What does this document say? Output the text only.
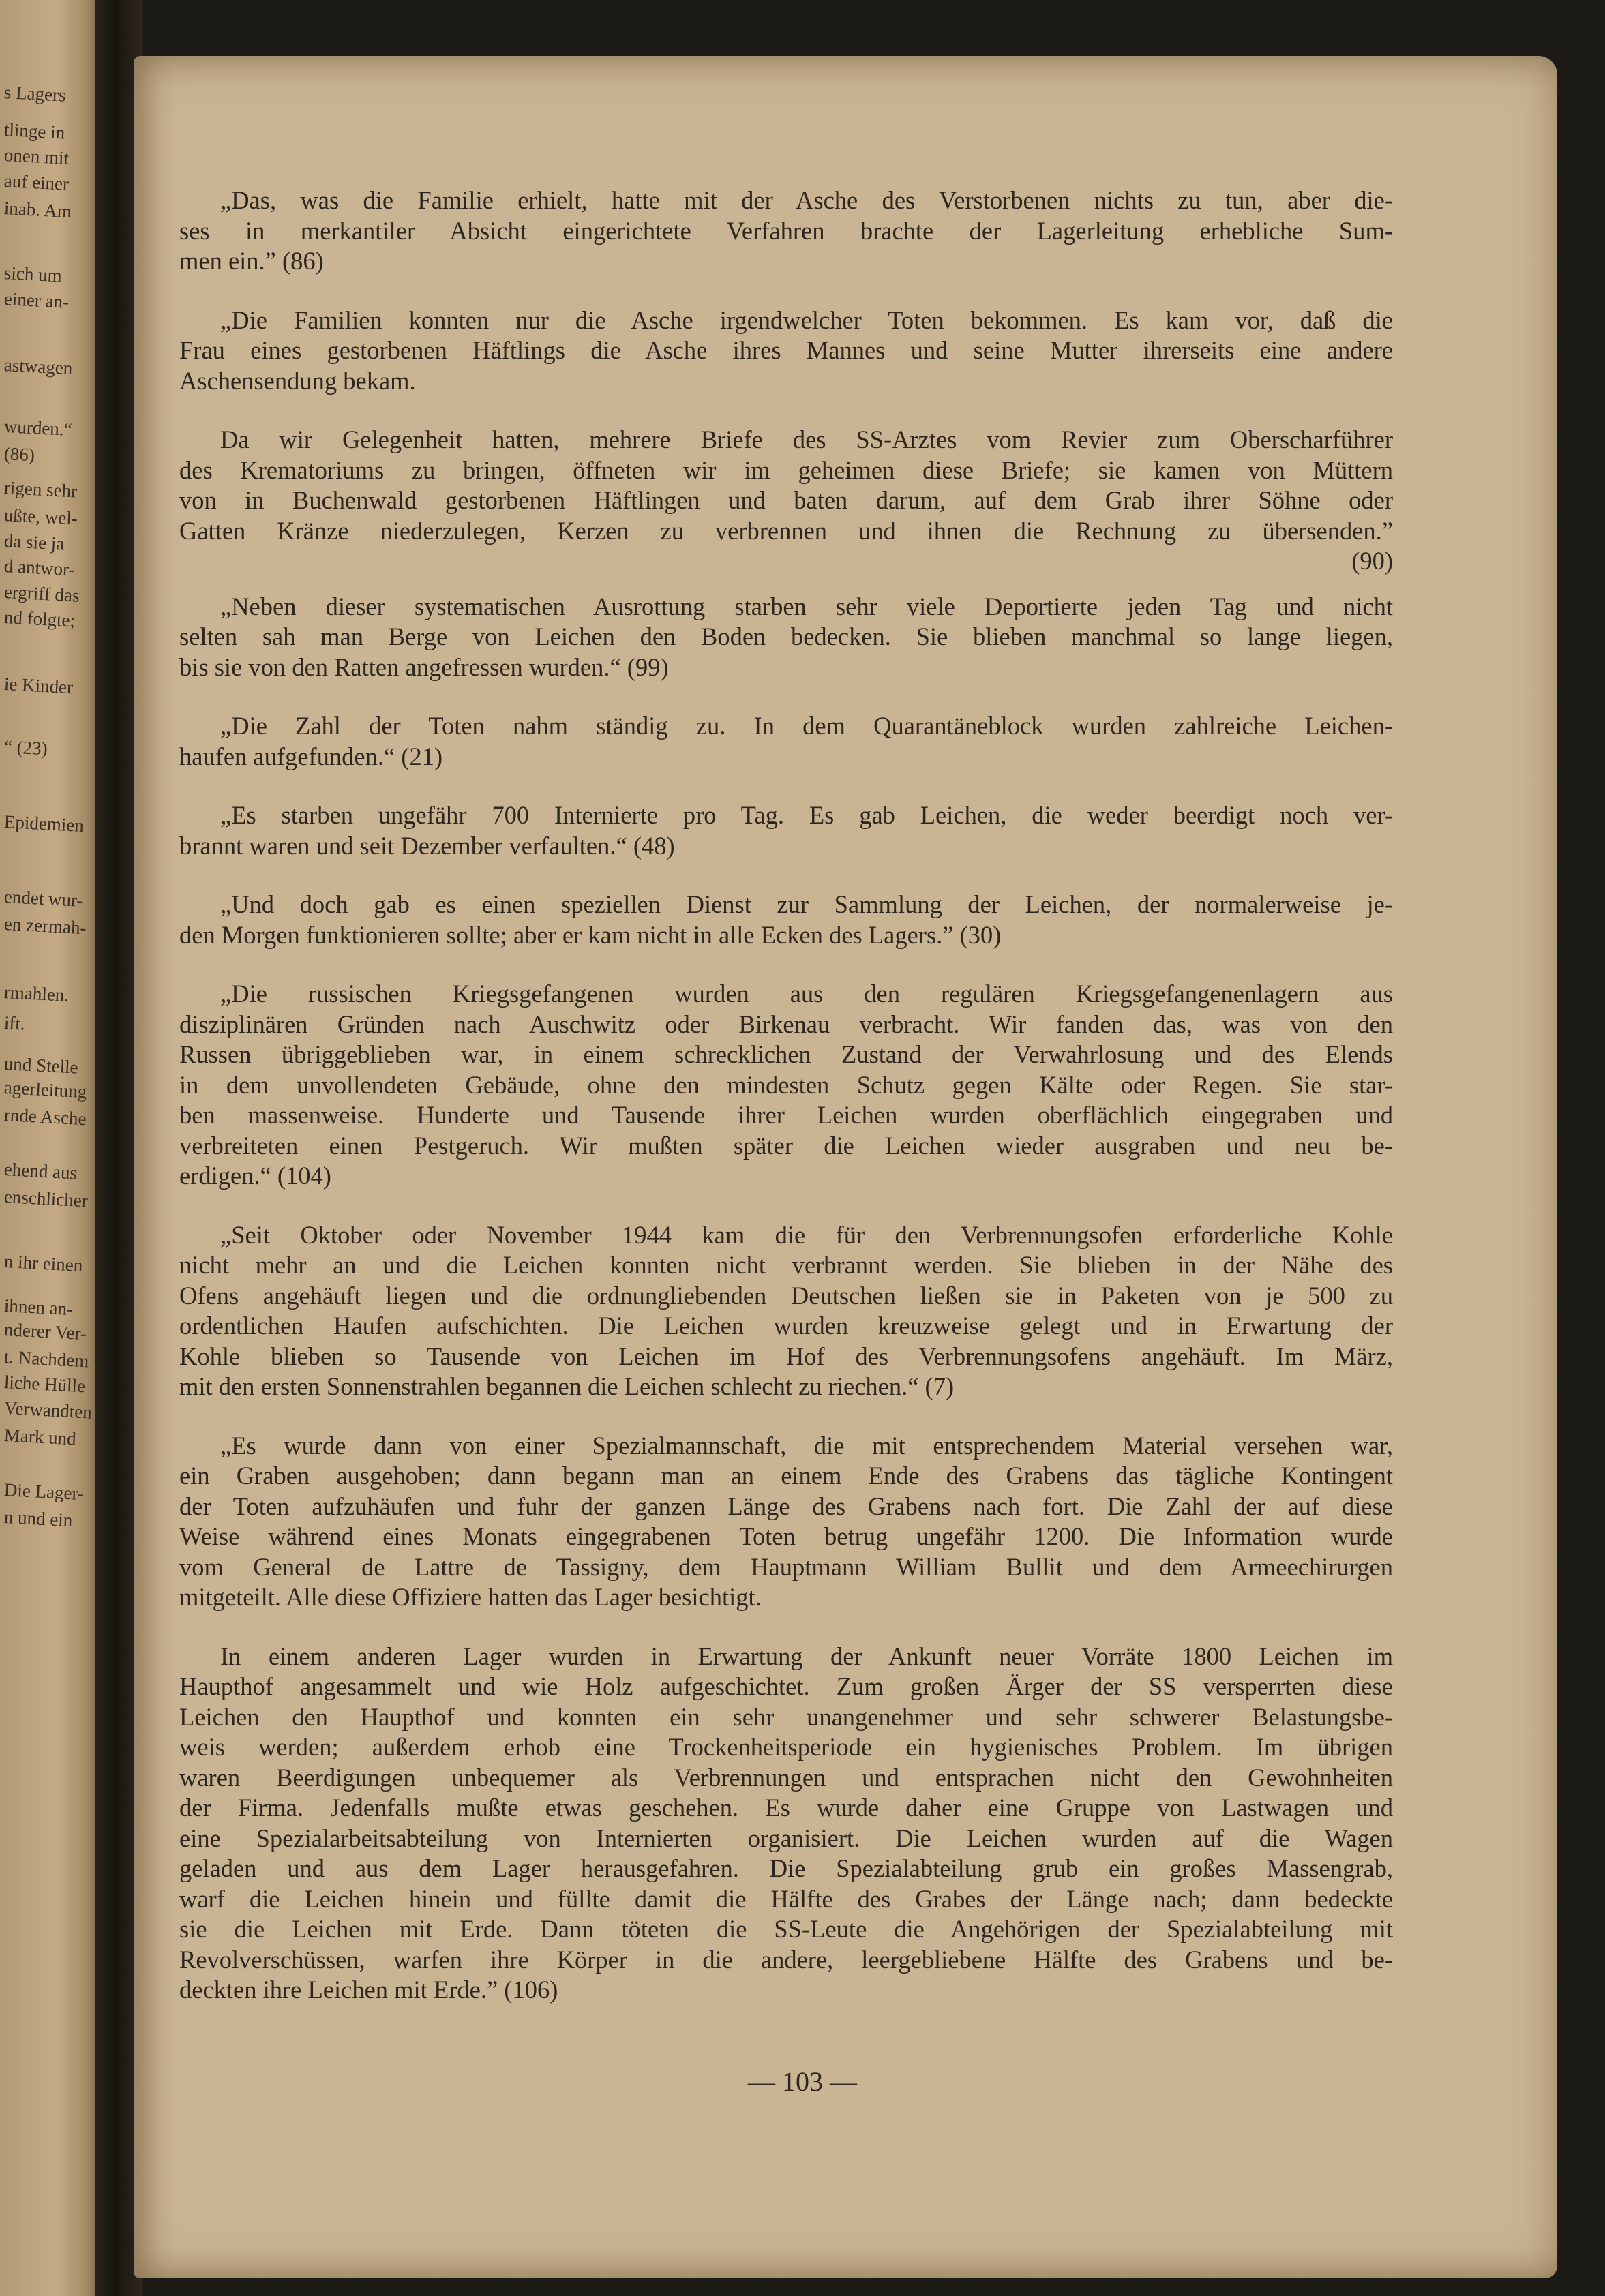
s Lagers
tlinge in
onen mit
auf einer
inab. Am
sich um
einer an-
astwagen
wurden.“
(86)
rigen sehr
ußte, wel-
da sie ja
d antwor-
ergriff das
nd folgte;
ie Kinder
“ (23)
Epidemien
endet wur-
en zermah-
rmahlen.
ift.
und Stelle
agerleitung
rnde Asche
ehend aus
enschlicher
n ihr einen
ihnen an-
nderer Ver-
t. Nachdem
liche Hülle
Verwandten
Mark und
Die Lager-
n und ein

„Das, was die Familie erhielt, hatte mit der Asche des Verstorbenen nichts zu tun, aber die-
ses in merkantiler Absicht eingerichtete Verfahren brachte der Lagerleitung erhebliche Sum-
men ein.” (86)

„Die Familien konnten nur die Asche irgendwelcher Toten bekommen. Es kam vor, daß die
Frau eines gestorbenen Häftlings die Asche ihres Mannes und seine Mutter ihrerseits eine andere
Aschensendung bekam.

Da wir Gelegenheit hatten, mehrere Briefe des SS-Arztes vom Revier zum Oberscharführer
des Krematoriums zu bringen, öffneten wir im geheimen diese Briefe; sie kamen von Müttern
von in Buchenwald gestorbenen Häftlingen und baten darum, auf dem Grab ihrer Söhne oder
Gatten Kränze niederzulegen, Kerzen zu verbrennen und ihnen die Rechnung zu übersenden.”
(90)

„Neben dieser systematischen Ausrottung starben sehr viele Deportierte jeden Tag und nicht
selten sah man Berge von Leichen den Boden bedecken. Sie blieben manchmal so lange liegen,
bis sie von den Ratten angefressen wurden.“ (99)

„Die Zahl der Toten nahm ständig zu. In dem Quarantäneblock wurden zahlreiche Leichen-
haufen aufgefunden.“ (21)

„Es starben ungefähr 700 Internierte pro Tag. Es gab Leichen, die weder beerdigt noch ver-
brannt waren und seit Dezember verfaulten.“ (48)

„Und doch gab es einen speziellen Dienst zur Sammlung der Leichen, der normalerweise je-
den Morgen funktionieren sollte; aber er kam nicht in alle Ecken des Lagers.” (30)

„Die russischen Kriegsgefangenen wurden aus den regulären Kriegsgefangenenlagern aus
disziplinären Gründen nach Auschwitz oder Birkenau verbracht. Wir fanden das, was von den
Russen übriggeblieben war, in einem schrecklichen Zustand der Verwahrlosung und des Elends
in dem unvollendeten Gebäude, ohne den mindesten Schutz gegen Kälte oder Regen. Sie star-
ben massenweise. Hunderte und Tausende ihrer Leichen wurden oberflächlich eingegraben und
verbreiteten einen Pestgeruch. Wir mußten später die Leichen wieder ausgraben und neu be-
erdigen.“ (104)

„Seit Oktober oder November 1944 kam die für den Verbrennungsofen erforderliche Kohle
nicht mehr an und die Leichen konnten nicht verbrannt werden. Sie blieben in der Nähe des
Ofens angehäuft liegen und die ordnungliebenden Deutschen ließen sie in Paketen von je 500 zu
ordentlichen Haufen aufschichten. Die Leichen wurden kreuzweise gelegt und in Erwartung der
Kohle blieben so Tausende von Leichen im Hof des Verbrennungsofens angehäuft. Im März,
mit den ersten Sonnenstrahlen begannen die Leichen schlecht zu riechen.“ (7)

„Es wurde dann von einer Spezialmannschaft, die mit entsprechendem Material versehen war,
ein Graben ausgehoben; dann begann man an einem Ende des Grabens das tägliche Kontingent
der Toten aufzuhäufen und fuhr der ganzen Länge des Grabens nach fort. Die Zahl der auf diese
Weise während eines Monats eingegrabenen Toten betrug ungefähr 1200. Die Information wurde
vom General de Lattre de Tassigny, dem Hauptmann William Bullit und dem Armeechirurgen
mitgeteilt. Alle diese Offiziere hatten das Lager besichtigt.

In einem anderen Lager wurden in Erwartung der Ankunft neuer Vorräte 1800 Leichen im
Haupthof angesammelt und wie Holz aufgeschichtet. Zum großen Ärger der SS versperrten diese
Leichen den Haupthof und konnten ein sehr unangenehmer und sehr schwerer Belastungsbe-
weis werden; außerdem erhob eine Trockenheitsperiode ein hygienisches Problem. Im übrigen
waren Beerdigungen unbequemer als Verbrennungen und entsprachen nicht den Gewohnheiten
der Firma. Jedenfalls mußte etwas geschehen. Es wurde daher eine Gruppe von Lastwagen und
eine Spezialarbeitsabteilung von Internierten organisiert. Die Leichen wurden auf die Wagen
geladen und aus dem Lager herausgefahren. Die Spezialabteilung grub ein großes Massengrab,
warf die Leichen hinein und füllte damit die Hälfte des Grabes der Länge nach; dann bedeckte
sie die Leichen mit Erde. Dann töteten die SS-Leute die Angehörigen der Spezialabteilung mit
Revolverschüssen, warfen ihre Körper in die andere, leergebliebene Hälfte des Grabens und be-
deckten ihre Leichen mit Erde.” (106)

— 103 —
